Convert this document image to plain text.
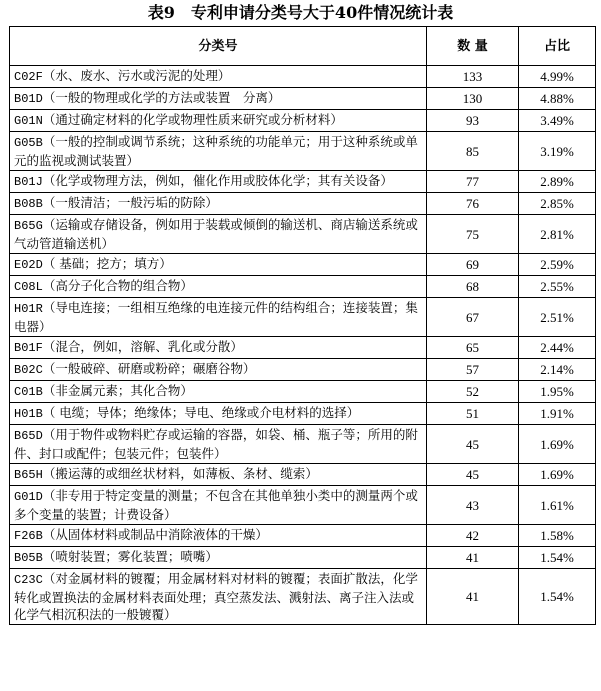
表9　专利申请分类号大于40件情况统计表
分类号	数 量	占比
C02F（水、废水、污水或污泥的处理）	133	4.99%
B01D（一般的物理或化学的方法或装置　分离）	130	4.88%
G01N（通过确定材料的化学或物理性质来研究或分析材料）	93	3.49%
G05B（一般的控制或调节系统；这种系统的功能单元；用于这种系统或单元的监视或测试装置）	85	3.19%
B01J（化学或物理方法，例如，催化作用或胶体化学；其有关设备）	77	2.89%
B08B（一般清洁；一般污垢的防除）	76	2.85%
B65G（运输或存储设备，例如用于装载或倾倒的输送机、商店输送系统或气动管道输送机）	75	2.81%
E02D（ 基础；挖方；填方）	69	2.59%
C08L（高分子化合物的组合物）	68	2.55%
H01R（导电连接；一组相互绝缘的电连接元件的结构组合；连接装置；集电器）	67	2.51%
B01F（混合，例如，溶解、乳化或分散）	65	2.44%
B02C（一般破碎、研磨或粉碎；碾磨谷物）	57	2.14%
C01B（非金属元素；其化合物）	52	1.95%
H01B（ 电缆；导体；绝缘体；导电、绝缘或介电材料的选择）	51	1.91%
B65D（用于物件或物料贮存或运输的容器，如袋、桶、瓶子等；所用的附件、封口或配件；包装元件；包装件）	45	1.69%
B65H（搬运薄的或细丝状材料，如薄板、条材、缆索）	45	1.69%
G01D（非专用于特定变量的测量；不包含在其他单独小类中的测量两个或多个变量的装置；计费设备）	43	1.61%
F26B（从固体材料或制品中消除液体的干燥）	42	1.58%
B05B（喷射装置；雾化装置；喷嘴）	41	1.54%
C23C（对金属材料的镀覆；用金属材料对材料的镀覆；表面扩散法，化学转化或置换法的金属材料表面处理；真空蒸发法、溅射法、离子注入法或化学气相沉积法的一般镀覆）	41	1.54%
